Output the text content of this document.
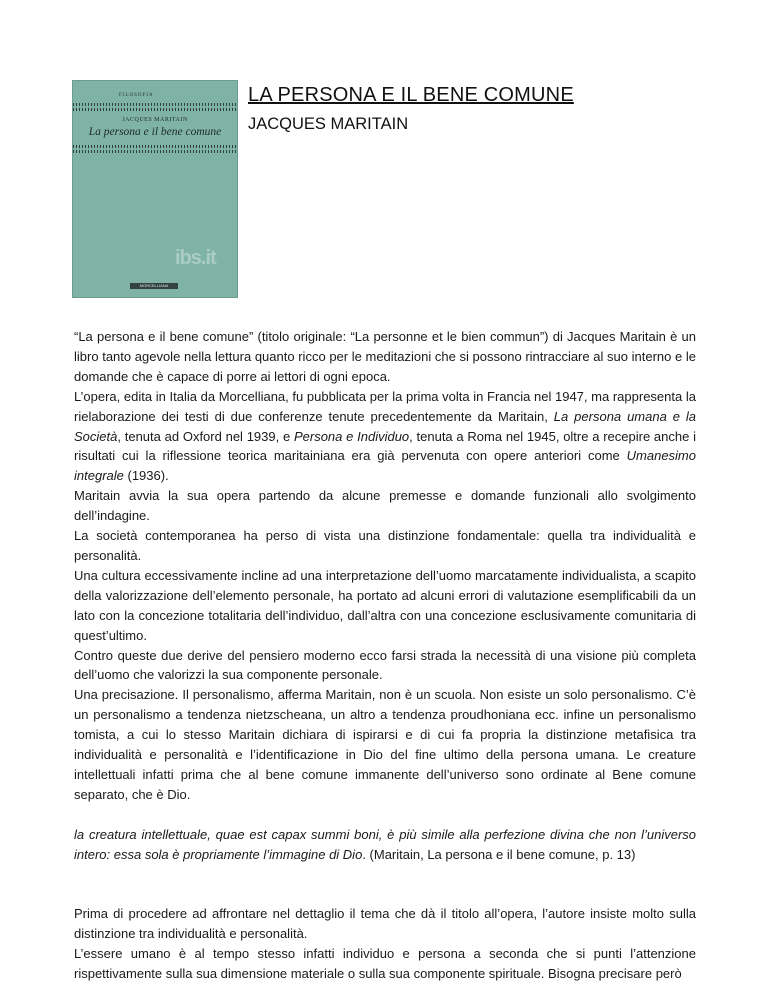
FILOSOFIA
JACQUES MARITAIN
La persona e il bene comune
ibs.it
MORCELLIANA
LA PERSONA E IL BENE COMUNE
JACQUES MARITAIN

“La persona e il bene comune” (titolo originale: “La personne et le bien commun”) di Jacques Maritain è un libro tanto agevole nella lettura quanto ricco per le meditazioni che si possono rintracciare al suo interno e le domande che è capace di porre ai lettori di ogni epoca.

L’opera, edita in Italia da Morcelliana, fu pubblicata per la prima volta in Francia nel 1947, ma rappresenta la rielaborazione dei testi di due conferenze tenute precedentemente da Maritain, La persona umana e la Società, tenuta ad Oxford nel 1939, e Persona e Individuo, tenuta a Roma nel 1945, oltre a recepire anche i risultati cui la riflessione teorica maritainiana era già pervenuta con opere anteriori come Umanesimo integrale (1936).

Maritain avvia la sua opera partendo da alcune premesse e domande funzionali allo svolgimento dell’indagine.

La società contemporanea ha perso di vista una distinzione fondamentale: quella tra individualità e personalità.

Una cultura eccessivamente incline ad una interpretazione dell’uomo marcatamente individualista, a scapito della valorizzazione dell’elemento personale, ha portato ad alcuni errori di valutazione esemplificabili da un lato con la concezione totalitaria dell’individuo, dall’altra con una concezione esclusivamente comunitaria di quest’ultimo.

Contro queste due derive del pensiero moderno ecco farsi strada la necessità di una visione più completa dell’uomo che valorizzi la sua componente personale.

Una precisazione. Il personalismo, afferma Maritain, non è un scuola. Non esiste un solo personalismo. C’è un personalismo a tendenza nietzscheana, un altro a tendenza proudhoniana ecc. infine un personalismo tomista, a cui lo stesso Maritain dichiara di ispirarsi e di cui fa propria la distinzione metafisica tra individualità e personalità e l’identificazione in Dio del fine ultimo della persona umana. Le creature intellettuali infatti prima che al bene comune immanente dell’universo sono ordinate al Bene comune separato, che è Dio.

la creatura intellettuale, quae est capax summi boni, è più simile alla perfezione divina che non l’universo intero: essa sola è propriamente l’immagine di Dio. (Maritain, La persona e il bene comune, p. 13)

Prima di procedere ad affrontare nel dettaglio il tema che dà il titolo all’opera, l’autore insiste molto sulla distinzione tra individualità e personalità.

L’essere umano è al tempo stesso infatti individuo e persona a seconda che si punti l’attenzione rispettivamente sulla sua dimensione materiale o sulla sua componente spirituale. Bisogna precisare però
